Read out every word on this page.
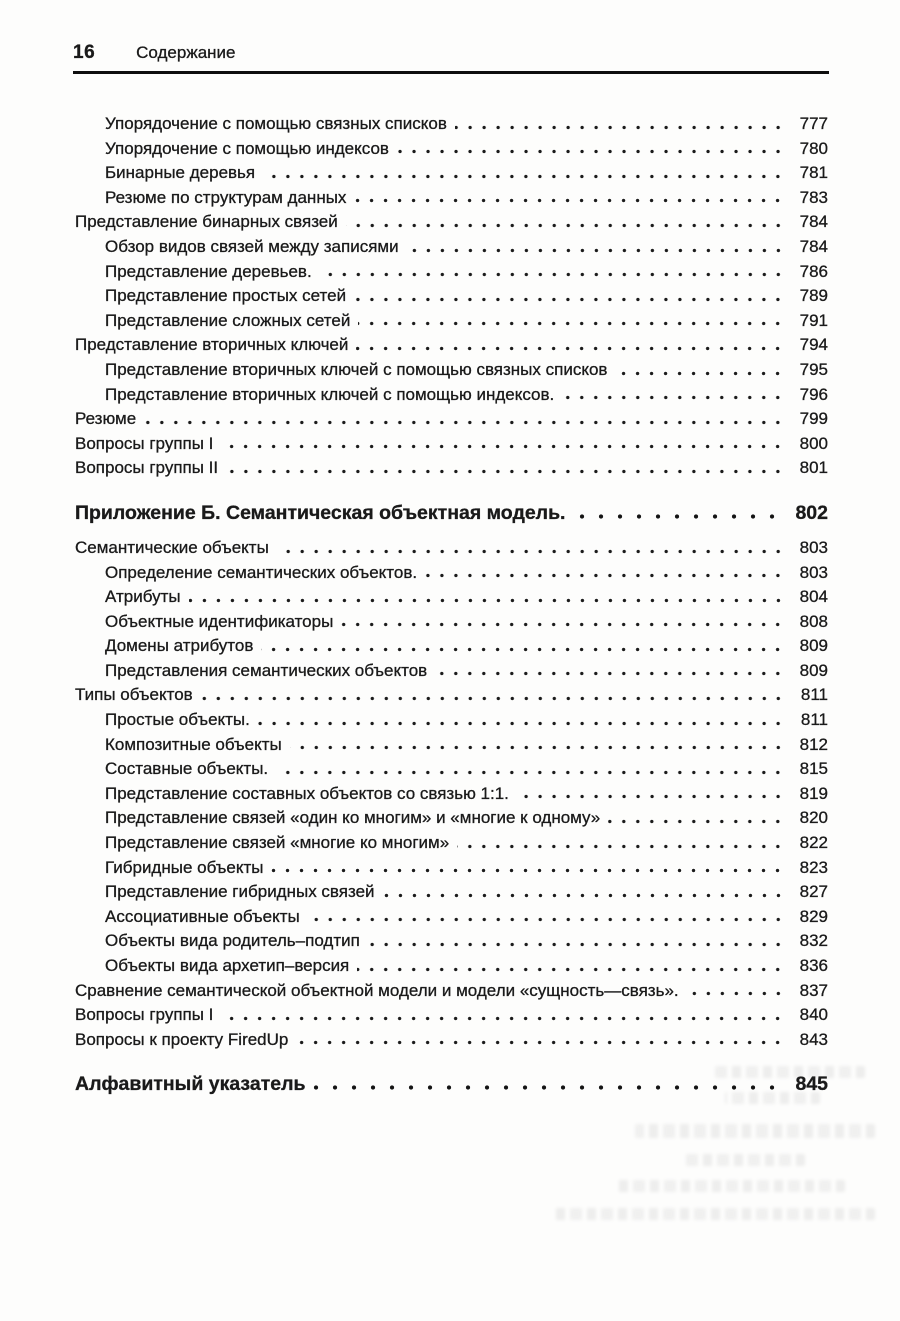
16 Содержание
Упорядочение с помощью связных списков	777
Упорядочение с помощью индексов	780
Бинарные деревья	781
Резюме по структурам данных	783
Представление бинарных связей	784
Обзор видов связей между записями	784
Представление деревьев.	786
Представление простых сетей	789
Представление сложных сетей	791
Представление вторичных ключей	794
Представление вторичных ключей с помощью связных списков	795
Представление вторичных ключей с помощью индексов.	796
Резюме	799
Вопросы группы I	800
Вопросы группы II	801
Приложение Б. Семантическая объектная модель.	802
Семантические объекты	803
Определение семантических объектов.	803
Атрибуты	804
Объектные идентификаторы	808
Домены атрибутов	809
Представления семантических объектов	809
Типы объектов	811
Простые объекты.	811
Композитные объекты	812
Составные объекты.	815
Представление составных объектов со связью 1:1.	819
Представление связей «один ко многим» и «многие к одному»	820
Представление связей «многие ко многим»	822
Гибридные объекты	823
Представление гибридных связей	827
Ассоциативные объекты	829
Объекты вида родитель–подтип	832
Объекты вида архетип–версия	836
Сравнение семантической объектной модели и модели «сущность—связь».	837
Вопросы группы I	840
Вопросы к проекту FiredUp	843
Алфавитный указатель	845
